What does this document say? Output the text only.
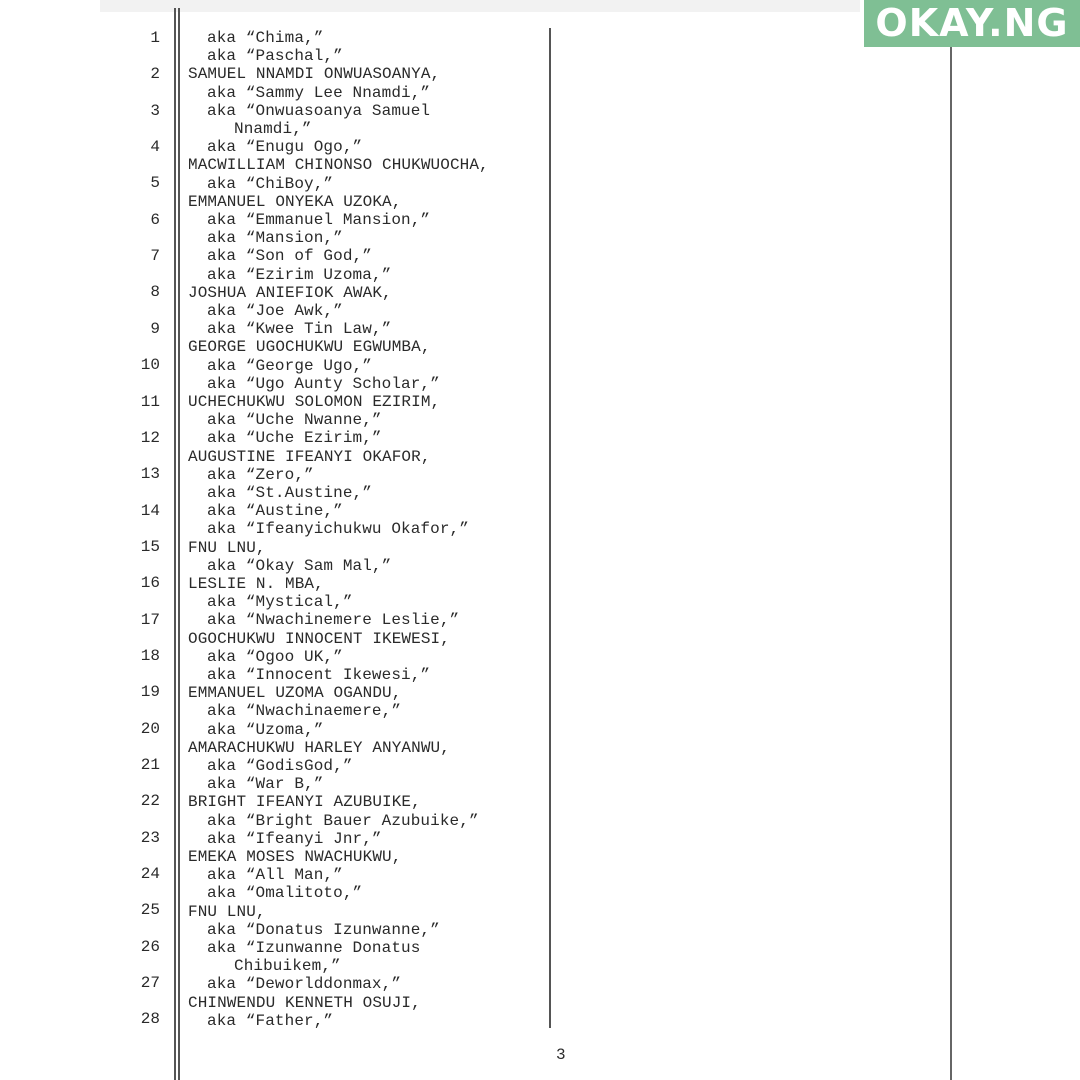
1
2
3
4
5
6
7
8
9
10
11
12
13
14
15
16
17
18
19
20
21
22
23
24
25
26
27
28
aka “Chima,”
aka “Paschal,”
SAMUEL NNAMDI ONWUASOANYA,
aka “Sammy Lee Nnamdi,”
aka “Onwuasoanya Samuel
Nnamdi,”
aka “Enugu Ogo,”
MACWILLIAM CHINONSO CHUKWUOCHA,
aka “ChiBoy,”
EMMANUEL ONYEKA UZOKA,
aka “Emmanuel Mansion,”
aka “Mansion,”
aka “Son of God,”
aka “Ezirim Uzoma,”
JOSHUA ANIEFIOK AWAK,
aka “Joe Awk,”
aka “Kwee Tin Law,”
GEORGE UGOCHUKWU EGWUMBA,
aka “George Ugo,”
aka “Ugo Aunty Scholar,”
UCHECHUKWU SOLOMON EZIRIM,
aka “Uche Nwanne,”
aka “Uche Ezirim,”
AUGUSTINE IFEANYI OKAFOR,
aka “Zero,”
aka “St.Austine,”
aka “Austine,”
aka “Ifeanyichukwu Okafor,”
FNU LNU,
aka “Okay Sam Mal,”
LESLIE N. MBA,
aka “Mystical,”
aka “Nwachinemere Leslie,”
OGOCHUKWU INNOCENT IKEWESI,
aka “Ogoo UK,”
aka “Innocent Ikewesi,”
EMMANUEL UZOMA OGANDU,
aka “Nwachinaemere,”
aka “Uzoma,”
AMARACHUKWU HARLEY ANYANWU,
aka “GodisGod,”
aka “War B,”
BRIGHT IFEANYI AZUBUIKE,
aka “Bright Bauer Azubuike,”
aka “Ifeanyi Jnr,”
EMEKA MOSES NWACHUKWU,
aka “All Man,”
aka “Omalitoto,”
FNU LNU,
aka “Donatus Izunwanne,”
aka “Izunwanne Donatus
Chibuikem,”
aka “Deworlddonmax,”
CHINWENDU KENNETH OSUJI,
aka “Father,”
3
OKAY.NG
